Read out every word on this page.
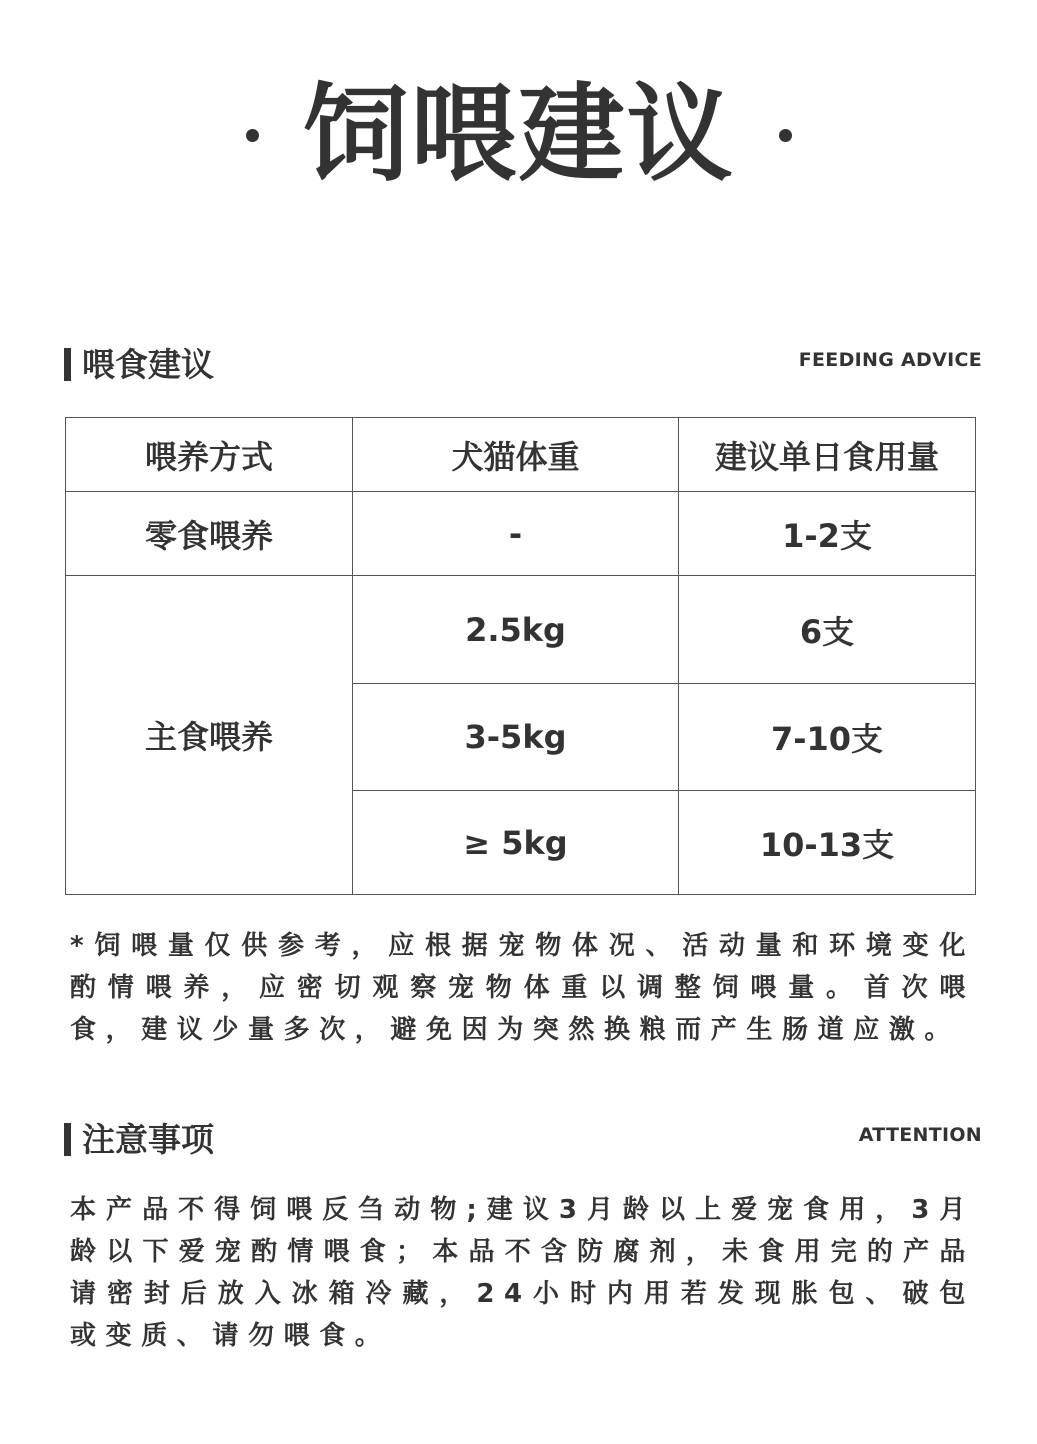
饲喂建议
喂食建议	FEEDING ADVICE
喂养方式	犬猫体重	建议单日食用量
零食喂养	-	1-2支
主食喂养	2.5kg	6支
	3-5kg	7-10支
	≥ 5kg	10-13支

*饲喂量仅供参考，应根据宠物体况、活动量和环境变化酌情喂养，应密切观察宠物体重以调整饲喂量。首次喂食，建议少量多次，避免因为突然换粮而产生肠道应激。

注意事项	ATTENTION

本产品不得饲喂反刍动物;建议3月龄以上爱宠食用，3月龄以下爱宠酌情喂食；本品不含防腐剂，未食用完的产品请密封后放入冰箱冷藏，24小时内用若发现胀包、破包或变质、请勿喂食。
